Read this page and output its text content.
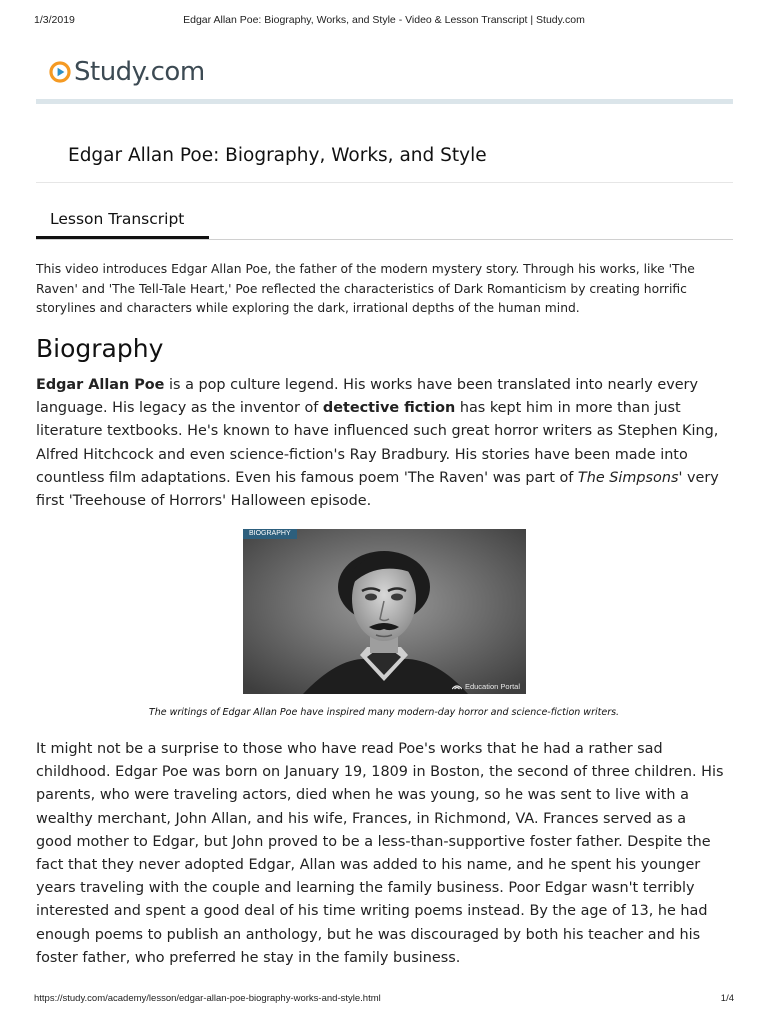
1/3/2019	Edgar Allan Poe: Biography, Works, and Style - Video & Lesson Transcript | Study.com
Study.com
Edgar Allan Poe: Biography, Works, and Style
Lesson Transcript

This video introduces Edgar Allan Poe, the father of the modern mystery story. Through his works, like 'The Raven' and 'The Tell-Tale Heart,' Poe reflected the characteristics of Dark Romanticism by creating horrific storylines and characters while exploring the dark, irrational depths of the human mind.

Biography

Edgar Allan Poe is a pop culture legend. His works have been translated into nearly every language. His legacy as the inventor of detective fiction has kept him in more than just literature textbooks. He's known to have influenced such great horror writers as Stephen King, Alfred Hitchcock and even science-fiction's Ray Bradbury. His stories have been made into countless film adaptations. Even his famous poem 'The Raven' was part of The Simpsons' very first 'Treehouse of Horrors' Halloween episode.

BIOGRAPHY
Education Portal

The writings of Edgar Allan Poe have inspired many modern-day horror and science-fiction writers.

It might not be a surprise to those who have read Poe's works that he had a rather sad childhood. Edgar Poe was born on January 19, 1809 in Boston, the second of three children. His parents, who were traveling actors, died when he was young, so he was sent to live with a wealthy merchant, John Allan, and his wife, Frances, in Richmond, VA. Frances served as a good mother to Edgar, but John proved to be a less-than-supportive foster father. Despite the fact that they never adopted Edgar, Allan was added to his name, and he spent his younger years traveling with the couple and learning the family business. Poor Edgar wasn't terribly interested and spent a good deal of his time writing poems instead. By the age of 13, he had enough poems to publish an anthology, but he was discouraged by both his teacher and his foster father, who preferred he stay in the family business.

https://study.com/academy/lesson/edgar-allan-poe-biography-works-and-style.html	1/4
